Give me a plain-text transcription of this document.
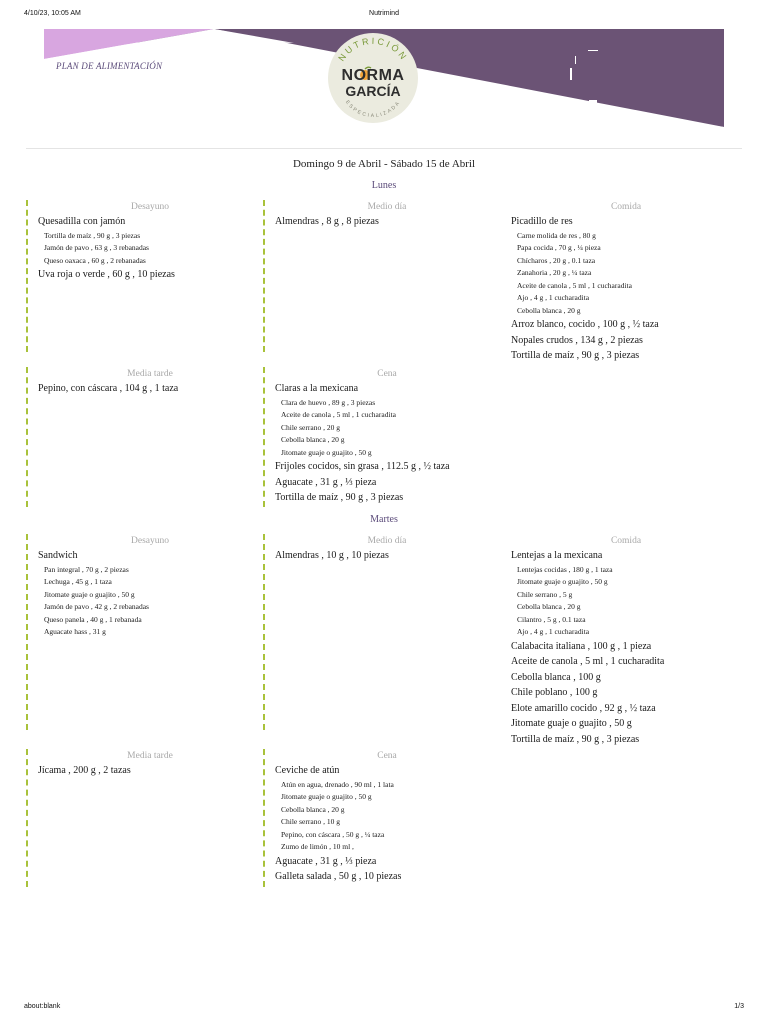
4/10/23, 10:05 AM	Nutrimind
PLAN DE ALIMENTACIÓN
NUTRICIÓN
ESPECIALIZADA
NORMA
GARCÍA
Domingo 9 de Abril - Sábado 15 de Abril
Lunes
Desayuno
Quesadilla con jamón
Tortilla de maíz , 90 g , 3 piezas
Jamón de pavo , 63 g , 3 rebanadas
Queso oaxaca , 60 g , 2 rebanadas
Uva roja o verde , 60 g , 10 piezas
Medio día
Almendras , 8 g , 8 piezas
Comida
Picadillo de res
Carne molida de res , 80 g
Papa cocida , 70 g , ¼ pieza
Chícharos , 20 g , 0.1 taza
Zanahoria , 20 g , ¼ taza
Aceite de canola , 5 ml , 1 cucharadita
Ajo , 4 g , 1 cucharadita
Cebolla blanca , 20 g
Arroz blanco, cocido , 100 g , ½ taza
Nopales crudos , 134 g , 2 piezas
Tortilla de maíz , 90 g , 3 piezas
Media tarde
Pepino, con cáscara , 104 g , 1 taza
Cena
Claras a la mexicana
Clara de huevo , 89 g , 3 piezas
Aceite de canola , 5 ml , 1 cucharadita
Chile serrano , 20 g
Cebolla blanca , 20 g
Jitomate guaje o guajito , 50 g
Frijoles cocidos, sin grasa , 112.5 g , ½ taza
Aguacate , 31 g , ⅓ pieza
Tortilla de maíz , 90 g , 3 piezas
Martes
Desayuno
Sandwich
Pan integral , 70 g , 2 piezas
Lechuga , 45 g , 1 taza
Jitomate guaje o guajito , 50 g
Jamón de pavo , 42 g , 2 rebanadas
Queso panela , 40 g , 1 rebanada
Aguacate hass , 31 g
Medio día
Almendras , 10 g , 10 piezas
Comida
Lentejas a la mexicana
Lentejas cocidas , 180 g , 1 taza
Jitomate guaje o guajito , 50 g
Chile serrano , 5 g
Cebolla blanca , 20 g
Cilantro , 5 g , 0.1 taza
Ajo , 4 g , 1 cucharadita
Calabacita italiana , 100 g , 1 pieza
Aceite de canola , 5 ml , 1 cucharadita
Cebolla blanca , 100 g
Chile poblano , 100 g
Elote amarillo cocido , 92 g , ½ taza
Jitomate guaje o guajito , 50 g
Tortilla de maíz , 90 g , 3 piezas
Media tarde
Jícama , 200 g , 2 tazas
Cena
Ceviche de atún
Atún en agua, drenado , 90 ml , 1 lata
Jitomate guaje o guajito , 50 g
Cebolla blanca , 20 g
Chile serrano , 10 g
Pepino, con cáscara , 50 g , ¼ taza
Zumo de limón , 10 ml ,
Aguacate , 31 g , ⅓ pieza
Galleta salada , 50 g , 10 piezas
about:blank	1/3
